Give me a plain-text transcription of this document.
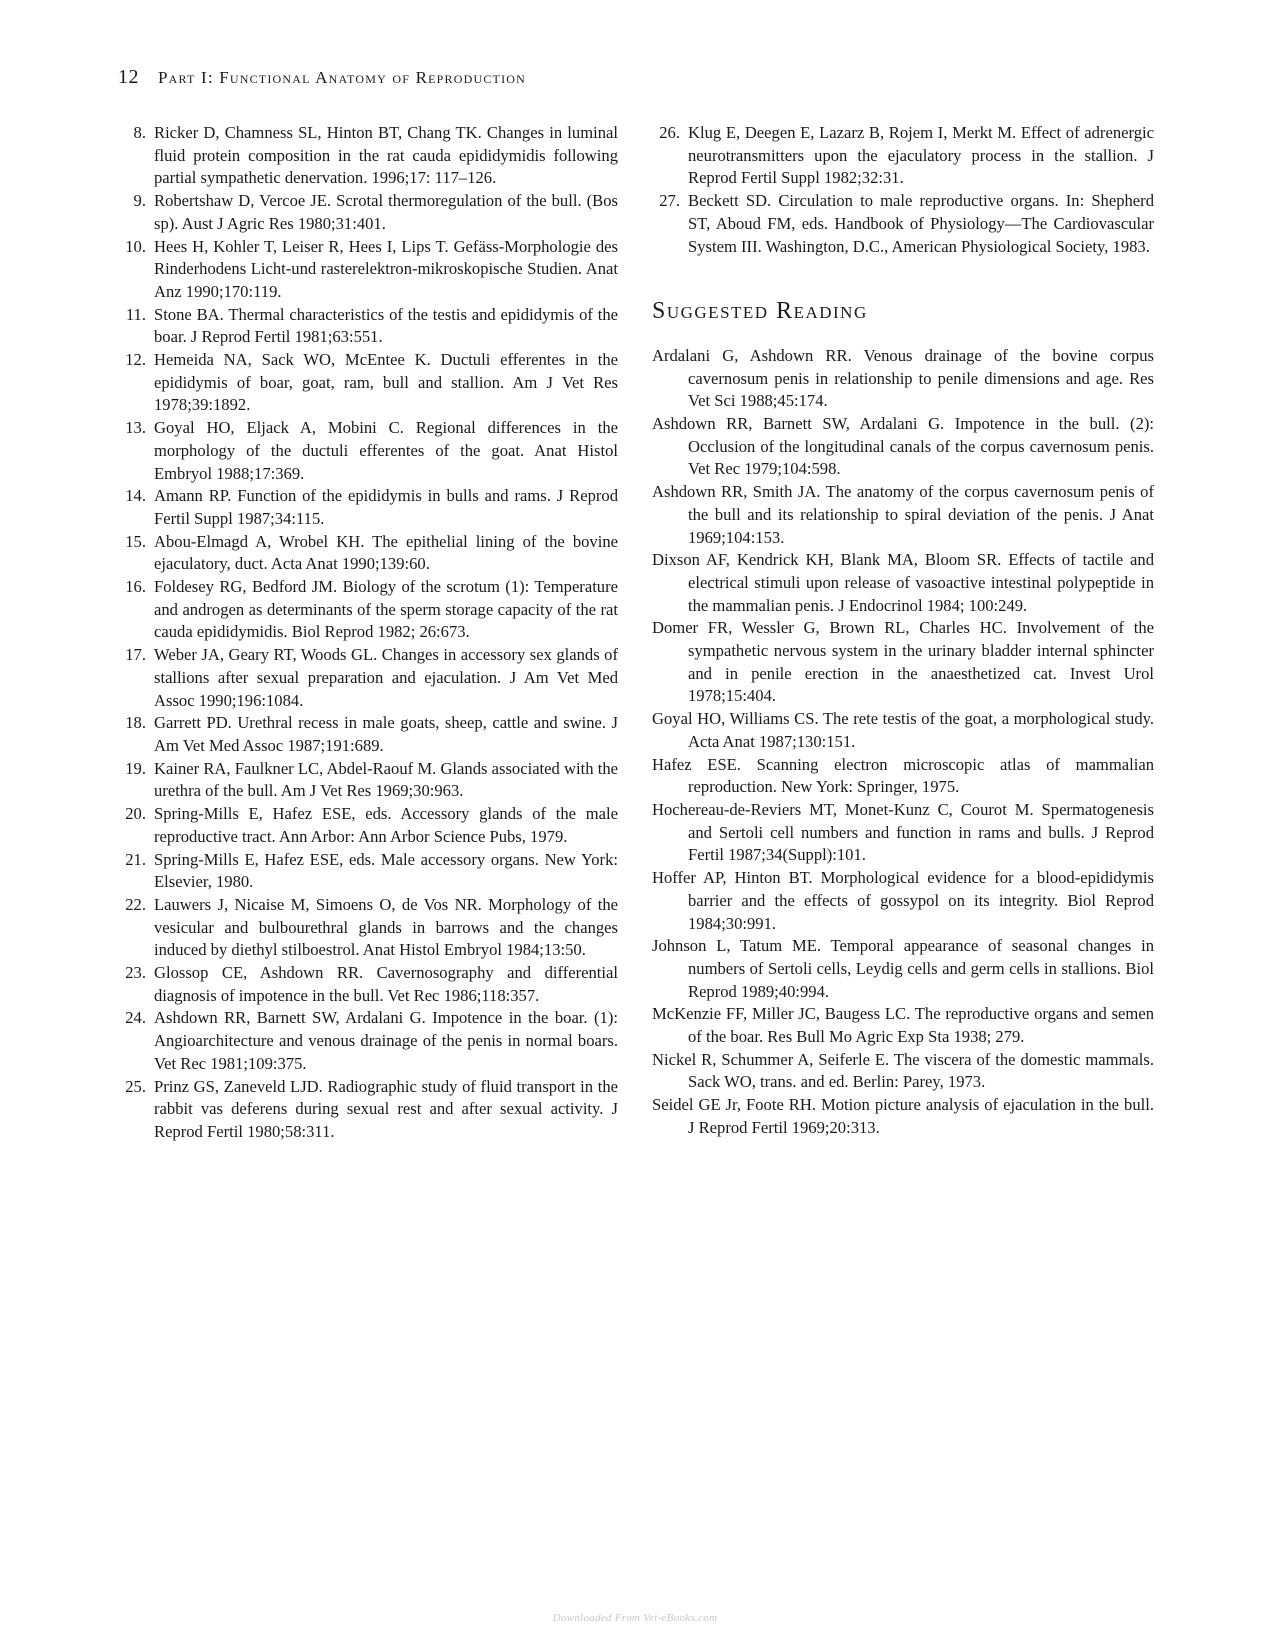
12 Part I: Functional Anatomy of Reproduction
8. Ricker D, Chamness SL, Hinton BT, Chang TK. Changes in luminal fluid protein composition in the rat cauda epididymidis following partial sympathetic denervation. 1996;17: 117–126.
9. Robertshaw D, Vercoe JE. Scrotal thermoregulation of the bull. (Bos sp). Aust J Agric Res 1980;31:401.
10. Hees H, Kohler T, Leiser R, Hees I, Lips T. Gefäss-Morphologie des Rinderhodens Licht-und rasterelektron-mikroskopische Studien. Anat Anz 1990;170:119.
11. Stone BA. Thermal characteristics of the testis and epididymis of the boar. J Reprod Fertil 1981;63:551.
12. Hemeida NA, Sack WO, McEntee K. Ductuli efferentes in the epididymis of boar, goat, ram, bull and stallion. Am J Vet Res 1978;39:1892.
13. Goyal HO, Eljack A, Mobini C. Regional differences in the morphology of the ductuli efferentes of the goat. Anat Histol Embryol 1988;17:369.
14. Amann RP. Function of the epididymis in bulls and rams. J Reprod Fertil Suppl 1987;34:115.
15. Abou-Elmagd A, Wrobel KH. The epithelial lining of the bovine ejaculatory, duct. Acta Anat 1990;139:60.
16. Foldesey RG, Bedford JM. Biology of the scrotum (1): Temperature and androgen as determinants of the sperm storage capacity of the rat cauda epididymidis. Biol Reprod 1982; 26:673.
17. Weber JA, Geary RT, Woods GL. Changes in accessory sex glands of stallions after sexual preparation and ejaculation. J Am Vet Med Assoc 1990;196:1084.
18. Garrett PD. Urethral recess in male goats, sheep, cattle and swine. J Am Vet Med Assoc 1987;191:689.
19. Kainer RA, Faulkner LC, Abdel-Raouf M. Glands associated with the urethra of the bull. Am J Vet Res 1969;30:963.
20. Spring-Mills E, Hafez ESE, eds. Accessory glands of the male reproductive tract. Ann Arbor: Ann Arbor Science Pubs, 1979.
21. Spring-Mills E, Hafez ESE, eds. Male accessory organs. New York: Elsevier, 1980.
22. Lauwers J, Nicaise M, Simoens O, de Vos NR. Morphology of the vesicular and bulbourethral glands in barrows and the changes induced by diethyl stilboestrol. Anat Histol Embryol 1984;13:50.
23. Glossop CE, Ashdown RR. Cavernosography and differential diagnosis of impotence in the bull. Vet Rec 1986;118:357.
24. Ashdown RR, Barnett SW, Ardalani G. Impotence in the boar. (1): Angioarchitecture and venous drainage of the penis in normal boars. Vet Rec 1981;109:375.
25. Prinz GS, Zaneveld LJD. Radiographic study of fluid transport in the rabbit vas deferens during sexual rest and after sexual activity. J Reprod Fertil 1980;58:311.
26. Klug E, Deegen E, Lazarz B, Rojem I, Merkt M. Effect of adrenergic neurotransmitters upon the ejaculatory process in the stallion. J Reprod Fertil Suppl 1982;32:31.
27. Beckett SD. Circulation to male reproductive organs. In: Shepherd ST, Aboud FM, eds. Handbook of Physiology—The Cardiovascular System III. Washington, D.C., American Physiological Society, 1983.
Suggested Reading
Ardalani G, Ashdown RR. Venous drainage of the bovine corpus cavernosum penis in relationship to penile dimensions and age. Res Vet Sci 1988;45:174.
Ashdown RR, Barnett SW, Ardalani G. Impotence in the bull. (2): Occlusion of the longitudinal canals of the corpus cavernosum penis. Vet Rec 1979;104:598.
Ashdown RR, Smith JA. The anatomy of the corpus cavernosum penis of the bull and its relationship to spiral deviation of the penis. J Anat 1969;104:153.
Dixson AF, Kendrick KH, Blank MA, Bloom SR. Effects of tactile and electrical stimuli upon release of vasoactive intestinal polypeptide in the mammalian penis. J Endocrinol 1984; 100:249.
Domer FR, Wessler G, Brown RL, Charles HC. Involvement of the sympathetic nervous system in the urinary bladder internal sphincter and in penile erection in the anaesthetized cat. Invest Urol 1978;15:404.
Goyal HO, Williams CS. The rete testis of the goat, a morphological study. Acta Anat 1987;130:151.
Hafez ESE. Scanning electron microscopic atlas of mammalian reproduction. New York: Springer, 1975.
Hochereau-de-Reviers MT, Monet-Kunz C, Courot M. Spermatogenesis and Sertoli cell numbers and function in rams and bulls. J Reprod Fertil 1987;34(Suppl):101.
Hoffer AP, Hinton BT. Morphological evidence for a blood-epididymis barrier and the effects of gossypol on its integrity. Biol Reprod 1984;30:991.
Johnson L, Tatum ME. Temporal appearance of seasonal changes in numbers of Sertoli cells, Leydig cells and germ cells in stallions. Biol Reprod 1989;40:994.
McKenzie FF, Miller JC, Baugess LC. The reproductive organs and semen of the boar. Res Bull Mo Agric Exp Sta 1938; 279.
Nickel R, Schummer A, Seiferle E. The viscera of the domestic mammals. Sack WO, trans. and ed. Berlin: Parey, 1973.
Seidel GE Jr, Foote RH. Motion picture analysis of ejaculation in the bull. J Reprod Fertil 1969;20:313.
Downloaded From Vet-eBooks.com
